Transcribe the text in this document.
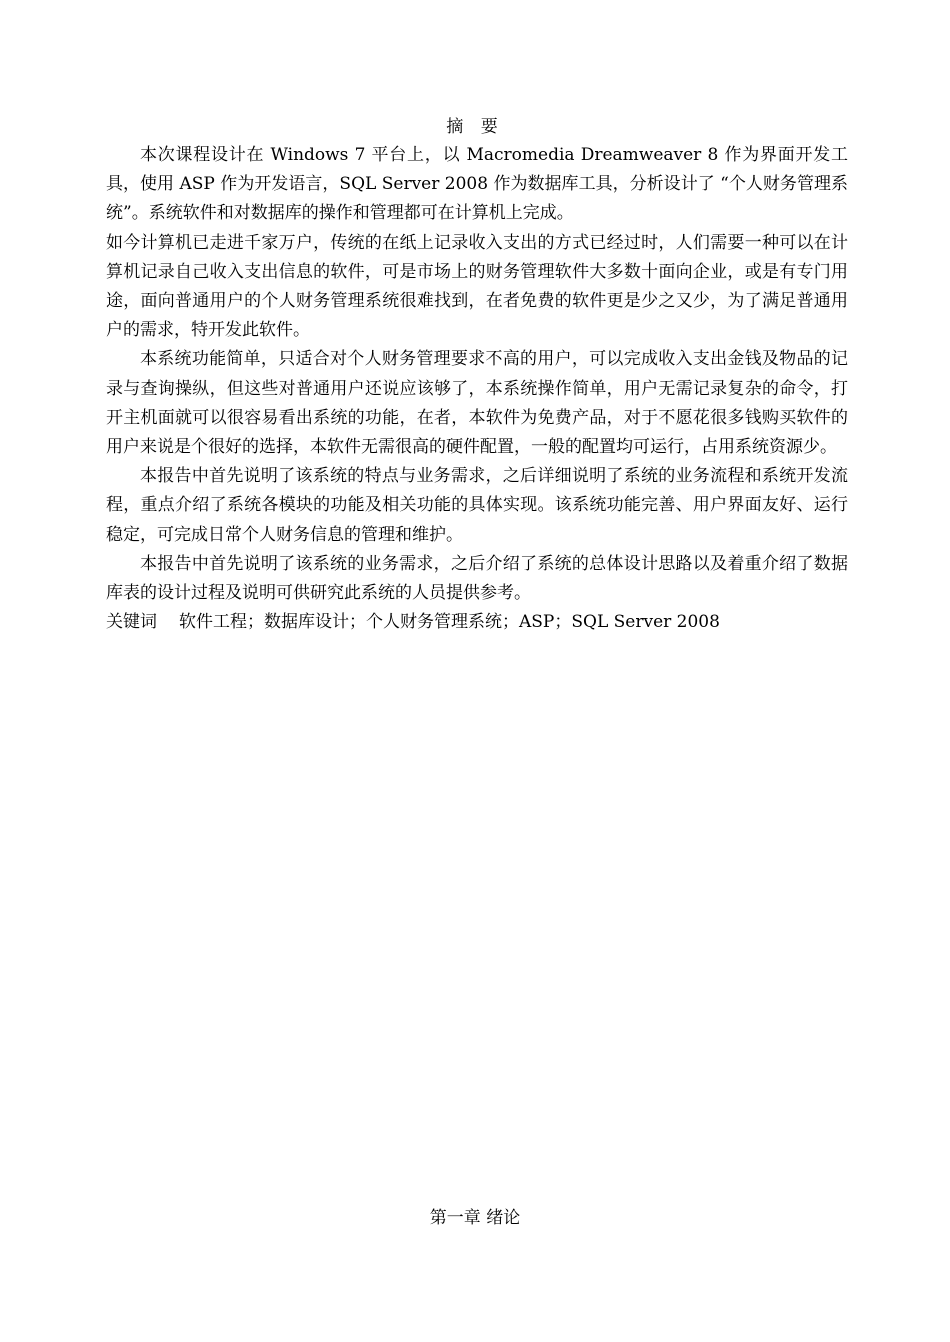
摘 要

本次课程设计在 Windows 7 平台上，以 Macromedia Dreamweaver 8 作为界面开发工具，使用 ASP 作为开发语言，SQL Server 2008 作为数据库工具，分析设计了 “个人财务管理系统”。系统软件和对数据库的操作和管理都可在计算机上完成。

如今计算机已走进千家万户，传统的在纸上记录收入支出的方式已经过时，人们需要一种可以在计算机记录自己收入支出信息的软件，可是市场上的财务管理软件大多数十面向企业，或是有专门用途，面向普通用户的个人财务管理系统很难找到，在者免费的软件更是少之又少，为了满足普通用户的需求，特开发此软件。

本系统功能简单，只适合对个人财务管理要求不高的用户，可以完成收入支出金钱及物品的记录与查询操纵，但这些对普通用户还说应该够了，本系统操作简单，用户无需记录复杂的命令，打开主机面就可以很容易看出系统的功能，在者，本软件为免费产品，对于不愿花很多钱购买软件的用户来说是个很好的选择，本软件无需很高的硬件配置，一般的配置均可运行，占用系统资源少。

本报告中首先说明了该系统的特点与业务需求，之后详细说明了系统的业务流程和系统开发流程，重点介绍了系统各模块的功能及相关功能的具体实现。该系统功能完善、用户界面友好、运行稳定，可完成日常个人财务信息的管理和维护。

本报告中首先说明了该系统的业务需求，之后介绍了系统的总体设计思路以及着重介绍了数据库表的设计过程及说明可供研究此系统的人员提供参考。

关键词 软件工程；数据库设计；个人财务管理系统；ASP；SQL Server 2008

第一章 绪论
